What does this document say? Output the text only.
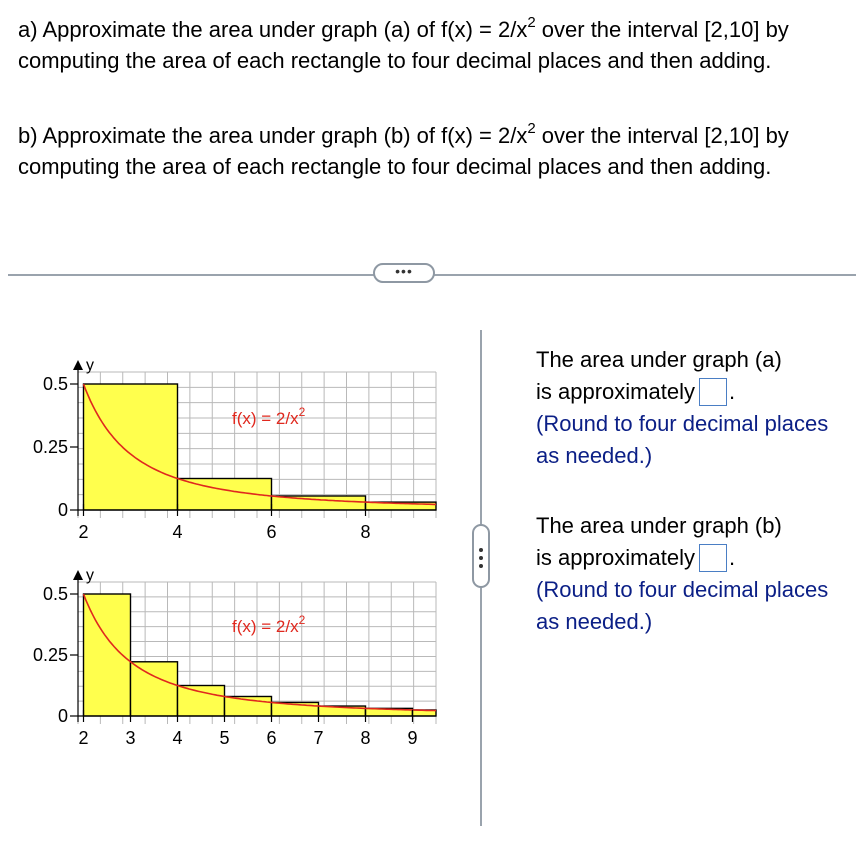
a) Approximate the area under graph (a) of $f(x) = 2/x^2$ over the interval [2,10] by computing the area of each rectangle to four decimal places and then adding.
b) Approximate the area under graph (b) of $f(x) = 2/x^2$ over the interval [2,10] by computing the area of each rectangle to four decimal places and then adding.
•••
y
0.5
0.25
0
2	4	6	8
$f(x) = 2/x^2$
y
0.5
0.25
0
2 3 4 5 6 7 8 9
$f(x) = 2/x^2$
The area under graph (a)
is approximately .
(Round to four decimal places as needed.)
The area under graph (b)
is approximately .
(Round to four decimal places as needed.)
